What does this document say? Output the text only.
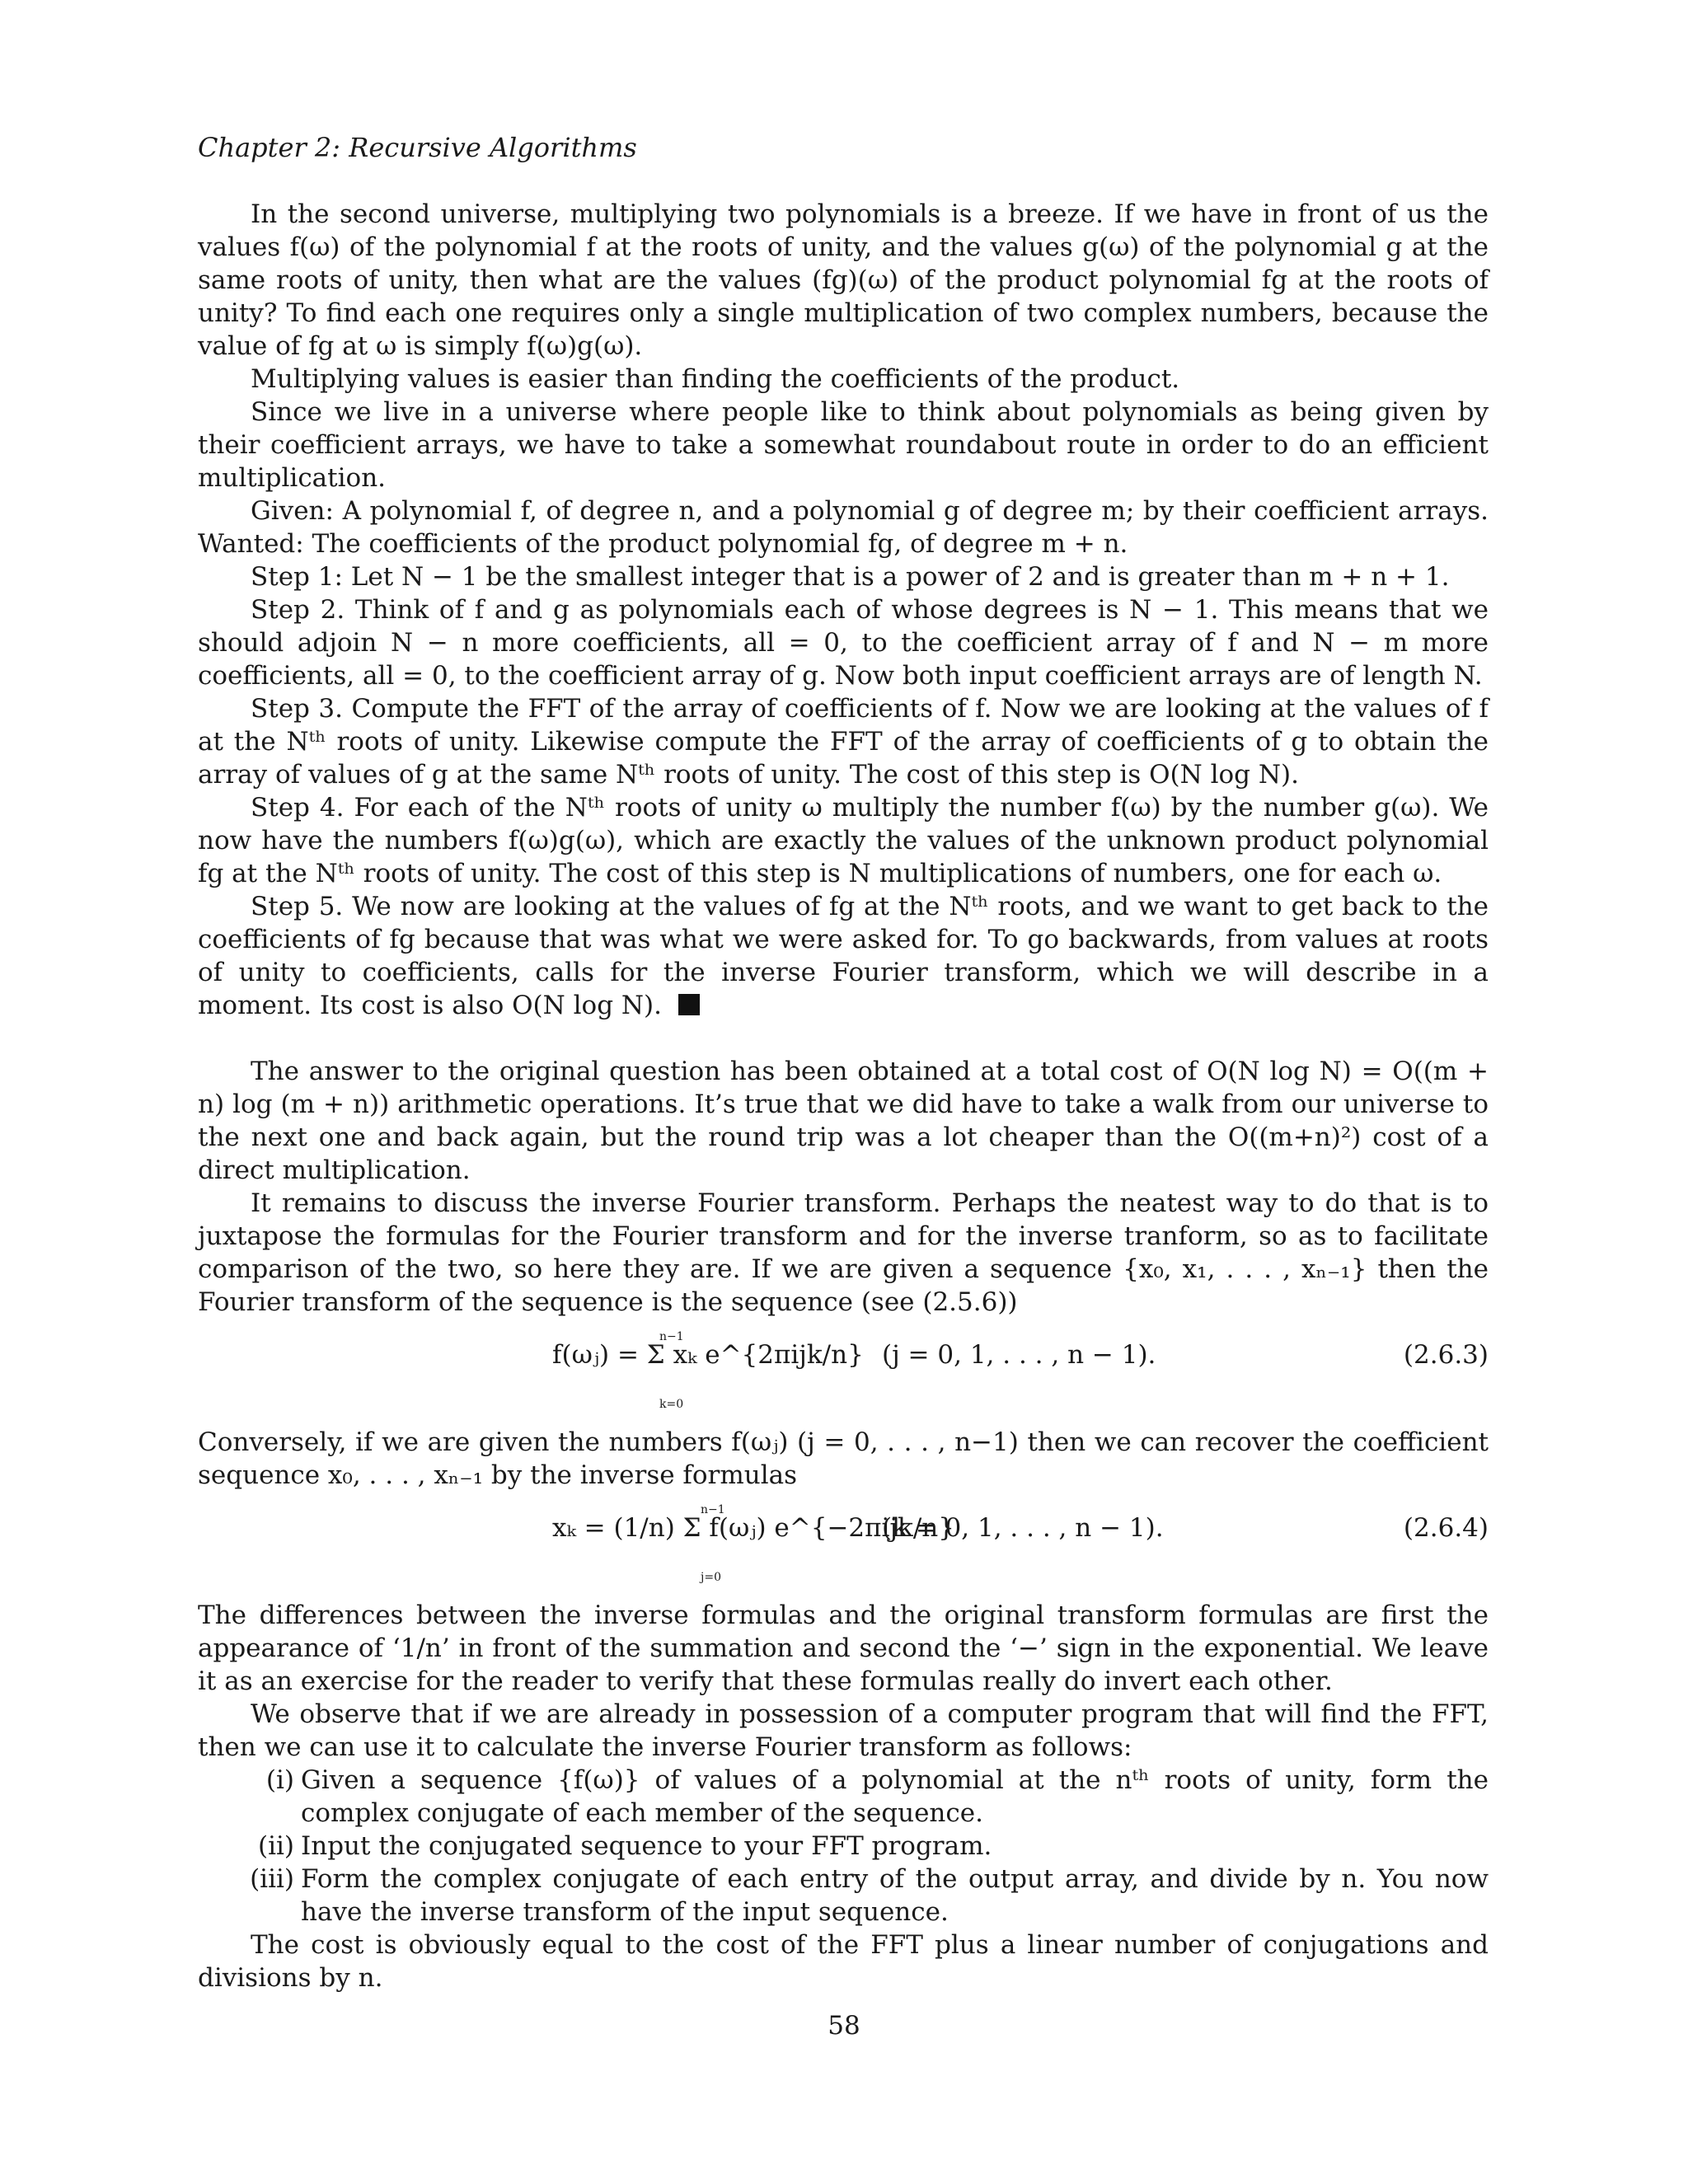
Chapter 2: Recursive Algorithms

In the second universe, multiplying two polynomials is a breeze. If we have in front of us the values f(ω) of the polynomial f at the roots of unity, and the values g(ω) of the polynomial g at the same roots of unity, then what are the values (fg)(ω) of the product polynomial fg at the roots of unity? To find each one requires only a single multiplication of two complex numbers, because the value of fg at ω is simply f(ω)g(ω).

Multiplying values is easier than finding the coefficients of the product.

Since we live in a universe where people like to think about polynomials as being given by their coefficient arrays, we have to take a somewhat roundabout route in order to do an efficient multiplication.

Given: A polynomial f, of degree n, and a polynomial g of degree m; by their coefficient arrays. Wanted: The coefficients of the product polynomial fg, of degree m + n.

Step 1: Let N − 1 be the smallest integer that is a power of 2 and is greater than m + n + 1.

Step 2. Think of f and g as polynomials each of whose degrees is N − 1. This means that we should adjoin N − n more coefficients, all = 0, to the coefficient array of f and N − m more coefficients, all = 0, to the coefficient array of g. Now both input coefficient arrays are of length N.

Step 3. Compute the FFT of the array of coefficients of f. Now we are looking at the values of f at the Nᵗʰ roots of unity. Likewise compute the FFT of the array of coefficients of g to obtain the array of values of g at the same Nᵗʰ roots of unity. The cost of this step is O(N log N).

Step 4. For each of the Nᵗʰ roots of unity ω multiply the number f(ω) by the number g(ω). We now have the numbers f(ω)g(ω), which are exactly the values of the unknown product polynomial fg at the Nᵗʰ roots of unity. The cost of this step is N multiplications of numbers, one for each ω.

Step 5. We now are looking at the values of fg at the Nᵗʰ roots, and we want to get back to the coefficients of fg because that was what we were asked for. To go backwards, from values at roots of unity to coefficients, calls for the inverse Fourier transform, which we will describe in a moment. Its cost is also O(N log N).

The answer to the original question has been obtained at a total cost of O(N log N) = O((m + n) log (m + n)) arithmetic operations. It’s true that we did have to take a walk from our universe to the next one and back again, but the round trip was a lot cheaper than the O((m+n)²) cost of a direct multiplication.

It remains to discuss the inverse Fourier transform. Perhaps the neatest way to do that is to juxtapose the formulas for the Fourier transform and for the inverse tranform, so as to facilitate comparison of the two, so here they are. If we are given a sequence {x₀, x₁, . . . , xₙ₋₁} then the Fourier transform of the sequence is the sequence (see (2.5.6))

f(ωⱼ) = Σ xₖ e^{2πijk/n}
n−1
k=0
(j = 0, 1, . . . , n − 1).	(2.6.3)

Conversely, if we are given the numbers f(ωⱼ) (j = 0, . . . , n−1) then we can recover the coefficient sequence x₀, . . . , xₙ₋₁ by the inverse formulas

xₖ = (1/n) Σ f(ωⱼ) e^{−2πijk/n}
n−1
j=0
(k = 0, 1, . . . , n − 1).	(2.6.4)

The differences between the inverse formulas and the original transform formulas are first the appearance of ‘1/n’ in front of the summation and second the ‘−’ sign in the exponential. We leave it as an exercise for the reader to verify that these formulas really do invert each other.

We observe that if we are already in possession of a computer program that will find the FFT, then we can use it to calculate the inverse Fourier transform as follows:

(i) Given a sequence {f(ω)} of values of a polynomial at the nᵗʰ roots of unity, form the complex conjugate of each member of the sequence.
(ii) Input the conjugated sequence to your FFT program.
(iii) Form the complex conjugate of each entry of the output array, and divide by n. You now have the inverse transform of the input sequence.

The cost is obviously equal to the cost of the FFT plus a linear number of conjugations and divisions by n.

58
